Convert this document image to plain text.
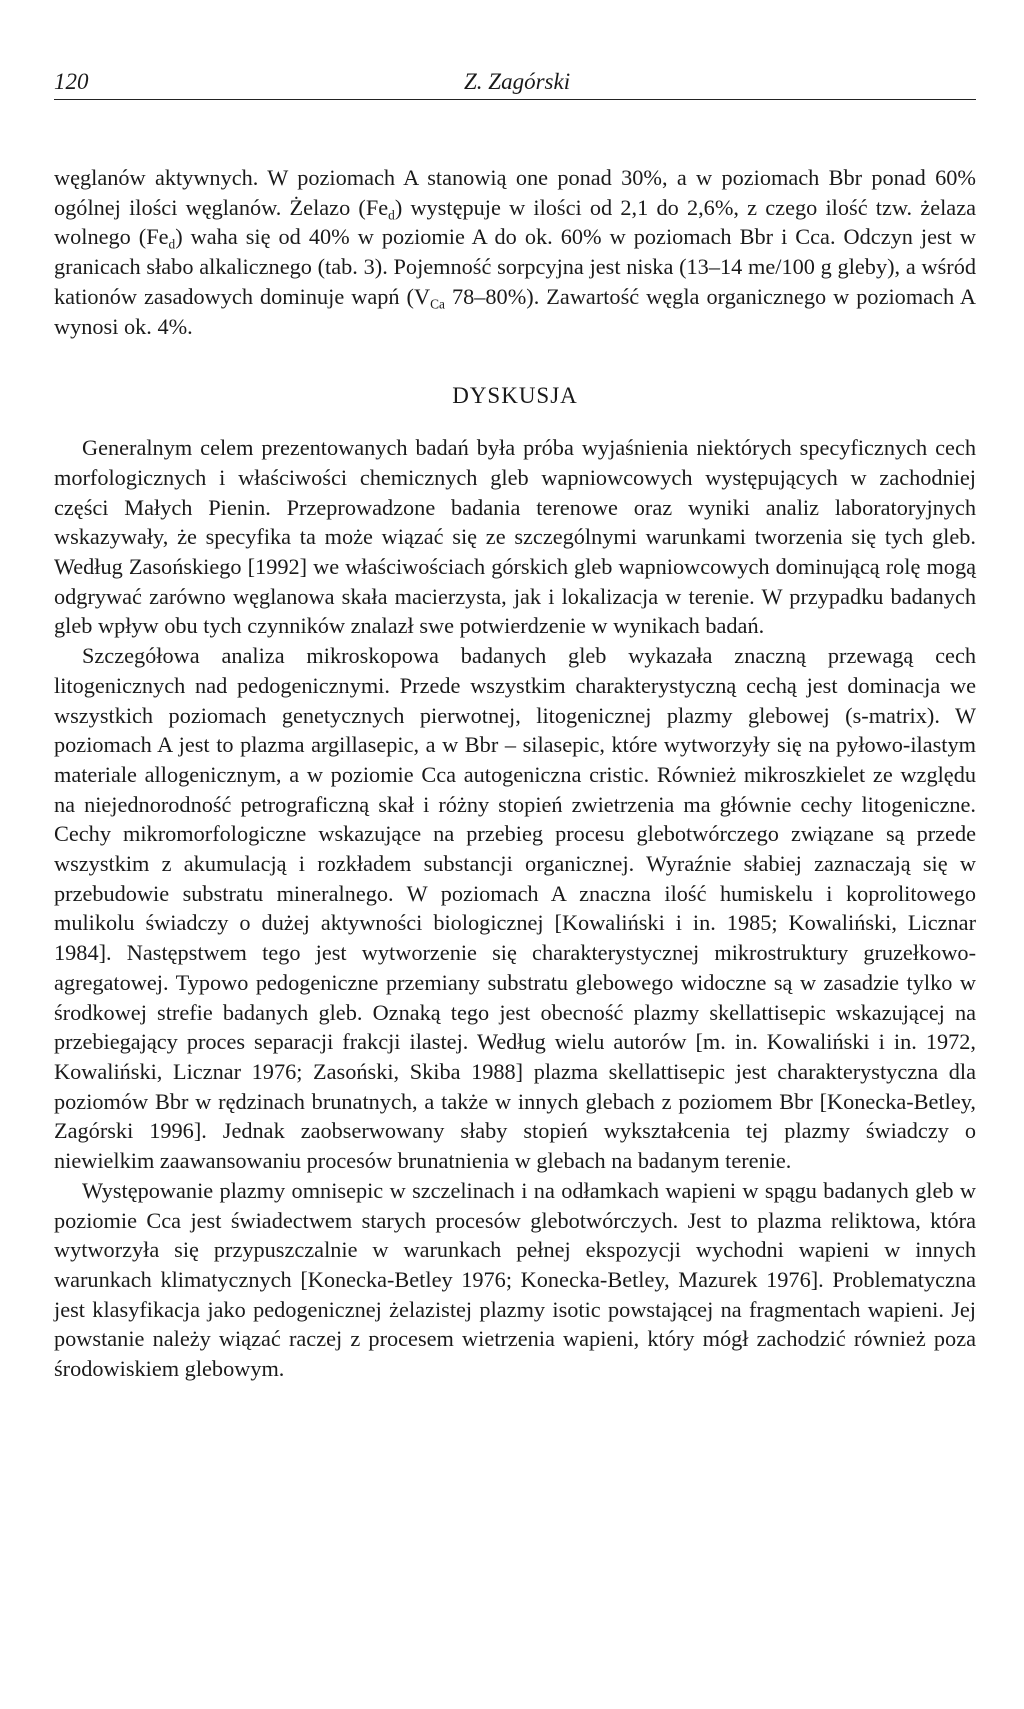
120	Z. Zagórski

węglanów aktywnych. W poziomach A stanowią one ponad 30%, a w poziomach Bbr ponad 60% ogólnej ilości węglanów. Żelazo $(Fe_d)$ występuje w ilości od 2,1 do 2,6%, z czego ilość tzw. żelaza wolnego $(Fe_d)$ waha się od 40% w poziomie A do ok. 60% w poziomach Bbr i Cca. Odczyn jest w granicach słabo alkalicznego (tab. 3). Pojemność sorpcyjna jest niska (13–14 me/100 g gleby), a wśród kationów zasadowych dominuje wapń ($V_{Ca}$ 78–80%). Zawartość węgla organicznego w poziomach A wynosi ok. 4%.

DYSKUSJA

Generalnym celem prezentowanych badań była próba wyjaśnienia niektórych specyficznych cech morfologicznych i właściwości chemicznych gleb wapniowcowych występujących w zachodniej części Małych Pienin. Przeprowadzone badania terenowe oraz wyniki analiz laboratoryjnych wskazywały, że specyfika ta może wiązać się ze szczególnymi warunkami tworzenia się tych gleb. Według Zasońskiego [1992] we właściwościach górskich gleb wapniowcowych dominującą rolę mogą odgrywać zarówno węglanowa skała macierzysta, jak i lokalizacja w terenie. W przypadku badanych gleb wpływ obu tych czynników znalazł swe potwierdzenie w wynikach badań.

Szczegółowa analiza mikroskopowa badanych gleb wykazała znaczną przewagą cech litogenicznych nad pedogenicznymi. Przede wszystkim charakterystyczną cechą jest dominacja we wszystkich poziomach genetycznych pierwotnej, litogenicznej plazmy glebowej (s-matrix). W poziomach A jest to plazma argillasepic, a w Bbr – silasepic, które wytworzyły się na pyłowo-ilastym materiale allogenicznym, a w poziomie Cca autogeniczna cristic. Również mikroszkielet ze względu na niejednorodność petrograficzną skał i różny stopień zwietrzenia ma głównie cechy litogeniczne. Cechy mikromorfologiczne wskazujące na przebieg procesu glebotwórczego związane są przede wszystkim z akumulacją i rozkładem substancji organicznej. Wyraźnie słabiej zaznaczają się w przebudowie substratu mineralnego. W poziomach A znaczna ilość humiskelu i koprolitowego mulikolu świadczy o dużej aktywności biologicznej [Kowaliński i in. 1985; Kowaliński, Licznar 1984]. Następstwem tego jest wytworzenie się charakterystycznej mikrostruktury gruzełkowo-agregatowej. Typowo pedogeniczne przemiany substratu glebowego widoczne są w zasadzie tylko w środkowej strefie badanych gleb. Oznaką tego jest obecność plazmy skellattisepic wskazującej na przebiegający proces separacji frakcji ilastej. Według wielu autorów [m. in. Kowaliński i in. 1972, Kowaliński, Licznar 1976; Zasoński, Skiba 1988] plazma skellattisepic jest charakterystyczna dla poziomów Bbr w rędzinach brunatnych, a także w innych glebach z poziomem Bbr [Konecka-Betley, Zagórski 1996]. Jednak zaobserwowany słaby stopień wykształcenia tej plazmy świadczy o niewielkim zaawansowaniu procesów brunatnienia w glebach na badanym terenie.

Występowanie plazmy omnisepic w szczelinach i na odłamkach wapieni w spągu badanych gleb w poziomie Cca jest świadectwem starych procesów glebotwórczych. Jest to plazma reliktowa, która wytworzyła się przypuszczalnie w warunkach pełnej ekspozycji wychodni wapieni w innych warunkach klimatycznych [Konecka-Betley 1976; Konecka-Betley, Mazurek 1976]. Problematyczna jest klasyfikacja jako pedogenicznej żelazistej plazmy isotic powstającej na fragmentach wapieni. Jej powstanie należy wiązać raczej z procesem wietrzenia wapieni, który mógł zachodzić również poza środowiskiem glebowym.
